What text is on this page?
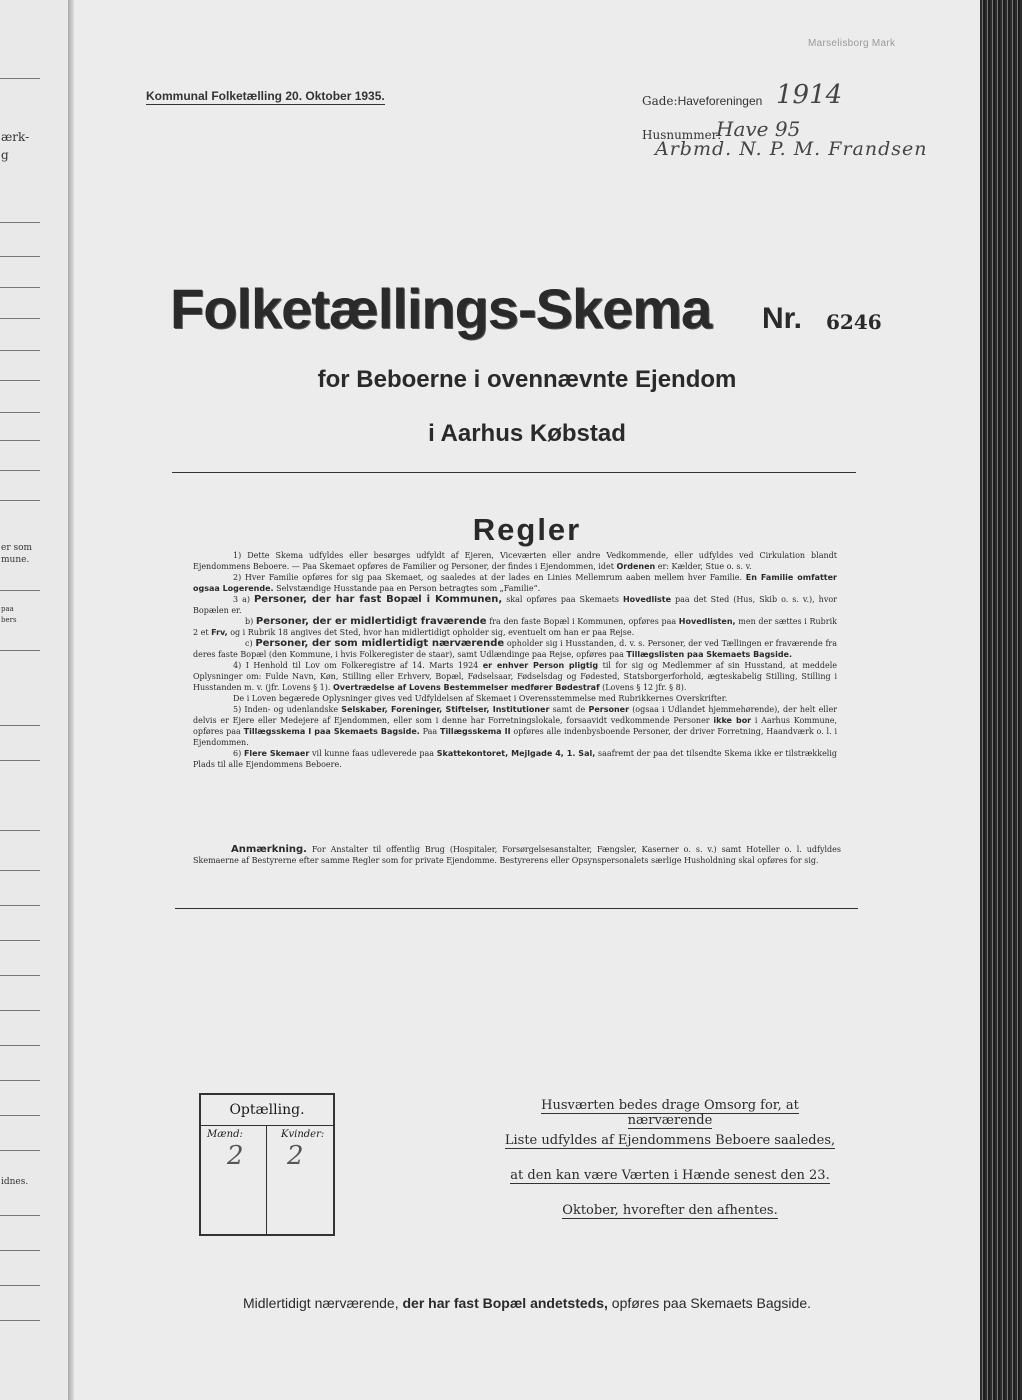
ærk-
g
er som
mune.
paa
bers
idnes.
Marselisborg Mark
Kommunal Folketælling 20. Oktober 1935.	Gade:Haveforeningen 1914
Husnummer:
Have 95
Arbmd. N. P. M. Frandsen
Folketællings-Skema Nr. 6246
for Beboerne i ovennævnte Ejendom
i Aarhus Købstad
Regler

1) Dette Skema udfyldes eller besørges udfyldt af Ejeren, Viceværten eller andre Vedkommende, eller udfyldes ved Cirkulation blandt Ejendommens Beboere. — Paa Skemaet opføres de Familier og Personer, der findes i Ejendommen, idet Ordenen er: Kælder, Stue o. s. v.

2) Hver Familie opføres for sig paa Skemaet, og saaledes at der lades en Linies Mellemrum aaben mellem hver Familie. En Familie omfatter ogsaa Logerende. Selvstændige Husstande paa en Person betragtes som „Familie“.

3 a) Personer, der har fast Bopæl i Kommunen, skal opføres paa Skemaets Hovedliste paa det Sted (Hus, Skib o. s. v.), hvor Bopælen er.

b) Personer, der er midlertidigt fraværende fra den faste Bopæl i Kommunen, opføres paa Hovedlisten, men der sættes i Rubrik 2 et Frv, og i Rubrik 18 angives det Sted, hvor han midlertidigt opholder sig, eventuelt om han er paa Rejse.

c) Personer, der som midlertidigt nærværende opholder sig i Husstanden, d. v. s. Personer, der ved Tællingen er fraværende fra deres faste Bopæl (den Kommune, i hvis Folkeregister de staar), samt Udlændinge paa Rejse, opføres paa Tillægslisten paa Skemaets Bagside.

4) I Henhold til Lov om Folkeregistre af 14. Marts 1924 er enhver Person pligtig til for sig og Medlemmer af sin Husstand, at meddele Oplysninger om: Fulde Navn, Køn, Stilling eller Erhverv, Bopæl, Fødselsaar, Fødselsdag og Fødested, Statsborgerforhold, ægteskabelig Stilling, Stilling i Husstanden m. v. (jfr. Lovens § 1). Overtrædelse af Lovens Bestemmelser medfører Bødestraf (Lovens § 12 jfr. § 8).

De i Loven begærede Oplysninger gives ved Udfyldelsen af Skemaet i Overensstemmelse med Rubrikkernes Overskrifter.

5) Inden- og udenlandske Selskaber, Foreninger, Stiftelser, Institutioner samt de Personer (ogsaa i Udlandet hjemmehørende), der helt eller delvis er Ejere eller Medejere af Ejendommen, eller som i denne har Forretningslokale, forsaavidt vedkommende Personer ikke bor i Aarhus Kommune, opføres paa Tillægsskema I paa Skemaets Bagside. Paa Tillægsskema II opføres alle indenbysboende Personer, der driver Forretning, Haandværk o. l. i Ejendommen.

6) Flere Skemaer vil kunne faas udleverede paa Skattekontoret, Mejlgade 4, 1. Sal, saafremt der paa det tilsendte Skema ikke er tilstrækkelig Plads til alle Ejendommens Beboere.

Anmærkning. For Anstalter til offentlig Brug (Hospitaler, Forsørgelsesanstalter, Fængsler, Kaserner o. s. v.) samt Hoteller o. l. udfyldes Skemaerne af Bestyrerne efter samme Regler som for private Ejendomme. Bestyrerens eller Opsynspersonalets særlige Husholdning skal opføres for sig.
Optælling.
Mænd:	Kvinder:
2 2
Husværten bedes drage Omsorg for, at nærværende
Liste udfyldes af Ejendommens Beboere saaledes,
at den kan være Værten i Hænde senest den 23.
Oktober, hvorefter den afhentes.
Midlertidigt nærværende, der har fast Bopæl andetsteds, opføres paa Skemaets Bagside.
